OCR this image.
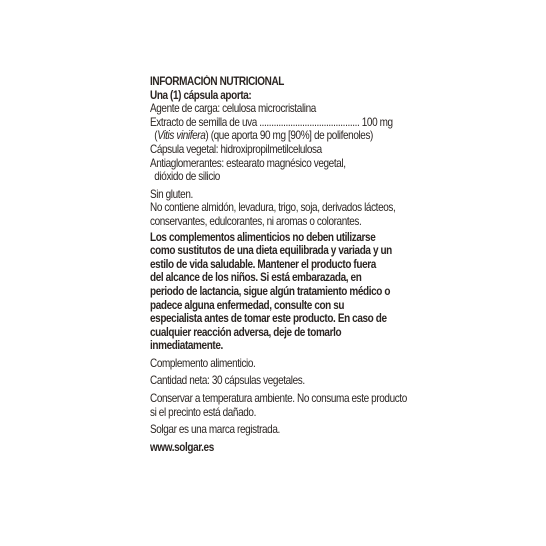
INFORMACIÓN NUTRICIONAL
Una (1) cápsula aporta:
Agente de carga: celulosa microcristalina
Extracto de semilla de uva .......................................... 100 mg
(Vitis vinifera) (que aporta 90 mg [90%] de polifenoles)
Cápsula vegetal: hidroxipropilmetilcelulosa
Antiaglomerantes: estearato magnésico vegetal,
dióxido de silicio
Sin gluten.
No contiene almidón, levadura, trigo, soja, derivados lácteos,
conservantes, edulcorantes, ni aromas o colorantes.
Los complementos alimenticios no deben utilizarse
como sustitutos de una dieta equilibrada y variada y un
estilo de vida saludable. Mantener el producto fuera
del alcance de los niños. Si está embarazada, en
periodo de lactancia, sigue algún tratamiento médico o
padece alguna enfermedad, consulte con su
especialista antes de tomar este producto. En caso de
cualquier reacción adversa, deje de tomarlo
inmediatamente.
Complemento alimenticio.
Cantidad neta: 30 cápsulas vegetales.
Conservar a temperatura ambiente. No consuma este producto
si el precinto está dañado.
Solgar es una marca registrada.
www.solgar.es
